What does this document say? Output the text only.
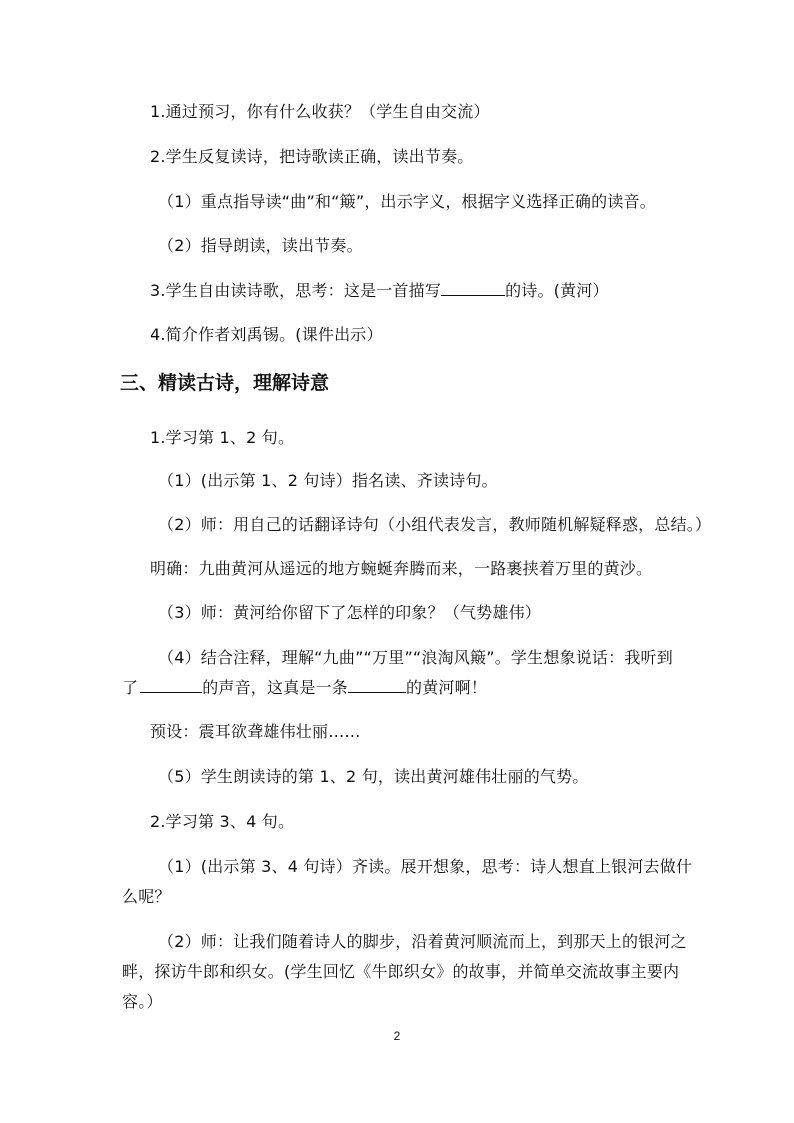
1.通过预习，你有什么收获？（学生自由交流）
2.学生反复读诗，把诗歌读正确，读出节奏。
（1）重点指导读“曲”和“簸”，出示字义，根据字义选择正确的读音。
（2）指导朗读，读出节奏。
3.学生自由读诗歌，思考：这是一首描写	的诗。(黄河）
4.简介作者刘禹锡。(课件出示）
三、精读古诗，理解诗意
1.学习第 1、2 句。
（1）(出示第 1、2 句诗）指名读、齐读诗句。
（2）师：用自己的话翻译诗句（小组代表发言，教师随机解疑释惑，总结。）
明确：九曲黄河从遥远的地方蜿蜒奔腾而来，一路裹挟着万里的黄沙。
（3）师：黄河给你留下了怎样的印象？（气势雄伟）
（4）结合注释，理解“九曲”“万里”“浪淘风簸”。学生想象说话：我听到
了	的声音，这真是一条	的黄河啊！
预设：震耳欲聋雄伟壮丽……
（5）学生朗读诗的第 1、2 句，读出黄河雄伟壮丽的气势。
2.学习第 3、4 句。
（1）(出示第 3、4 句诗）齐读。展开想象，思考：诗人想直上银河去做什
么呢？
（2）师：让我们随着诗人的脚步，沿着黄河顺流而上，到那天上的银河之
畔，探访牛郎和织女。(学生回忆《牛郎织女》的故事，并简单交流故事主要内
容。）
2
